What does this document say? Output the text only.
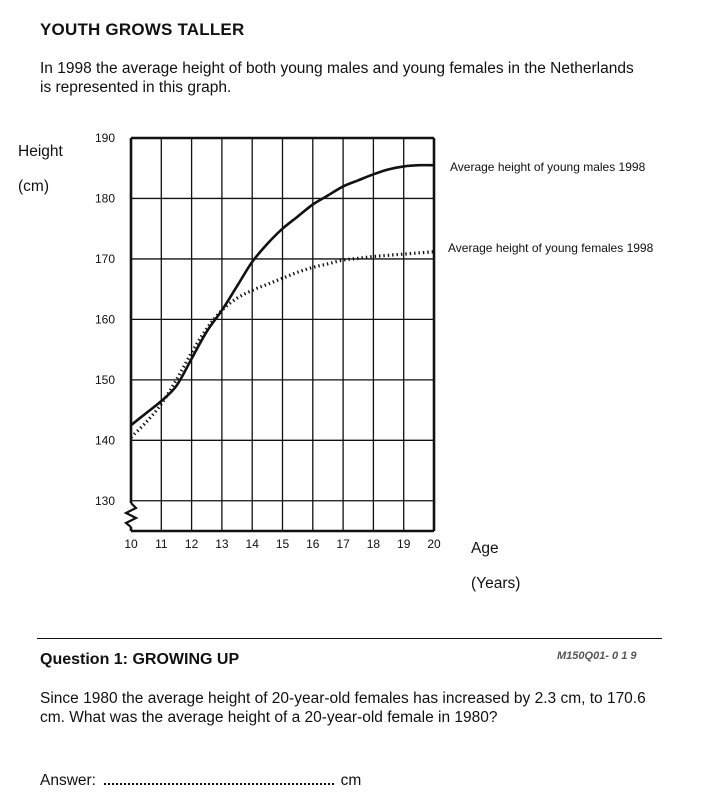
YOUTH GROWS TALLER
In 1998 the average height of both young males and young females in the Netherlands is represented in this graph.
Height
(cm)
Age
(Years)
130
140
150
160
170
180
190
10 11 12 13 14 15 16 17 18 19 20
Average height of young males 1998
Average height of young females 1998
Question 1: GROWING UP	M150Q01- 0 1 9
Since 1980 the average height of 20-year-old females has increased by 2.3 cm, to 170.6 cm. What was the average height of a 20-year-old female in 1980?
Answer:	cm
